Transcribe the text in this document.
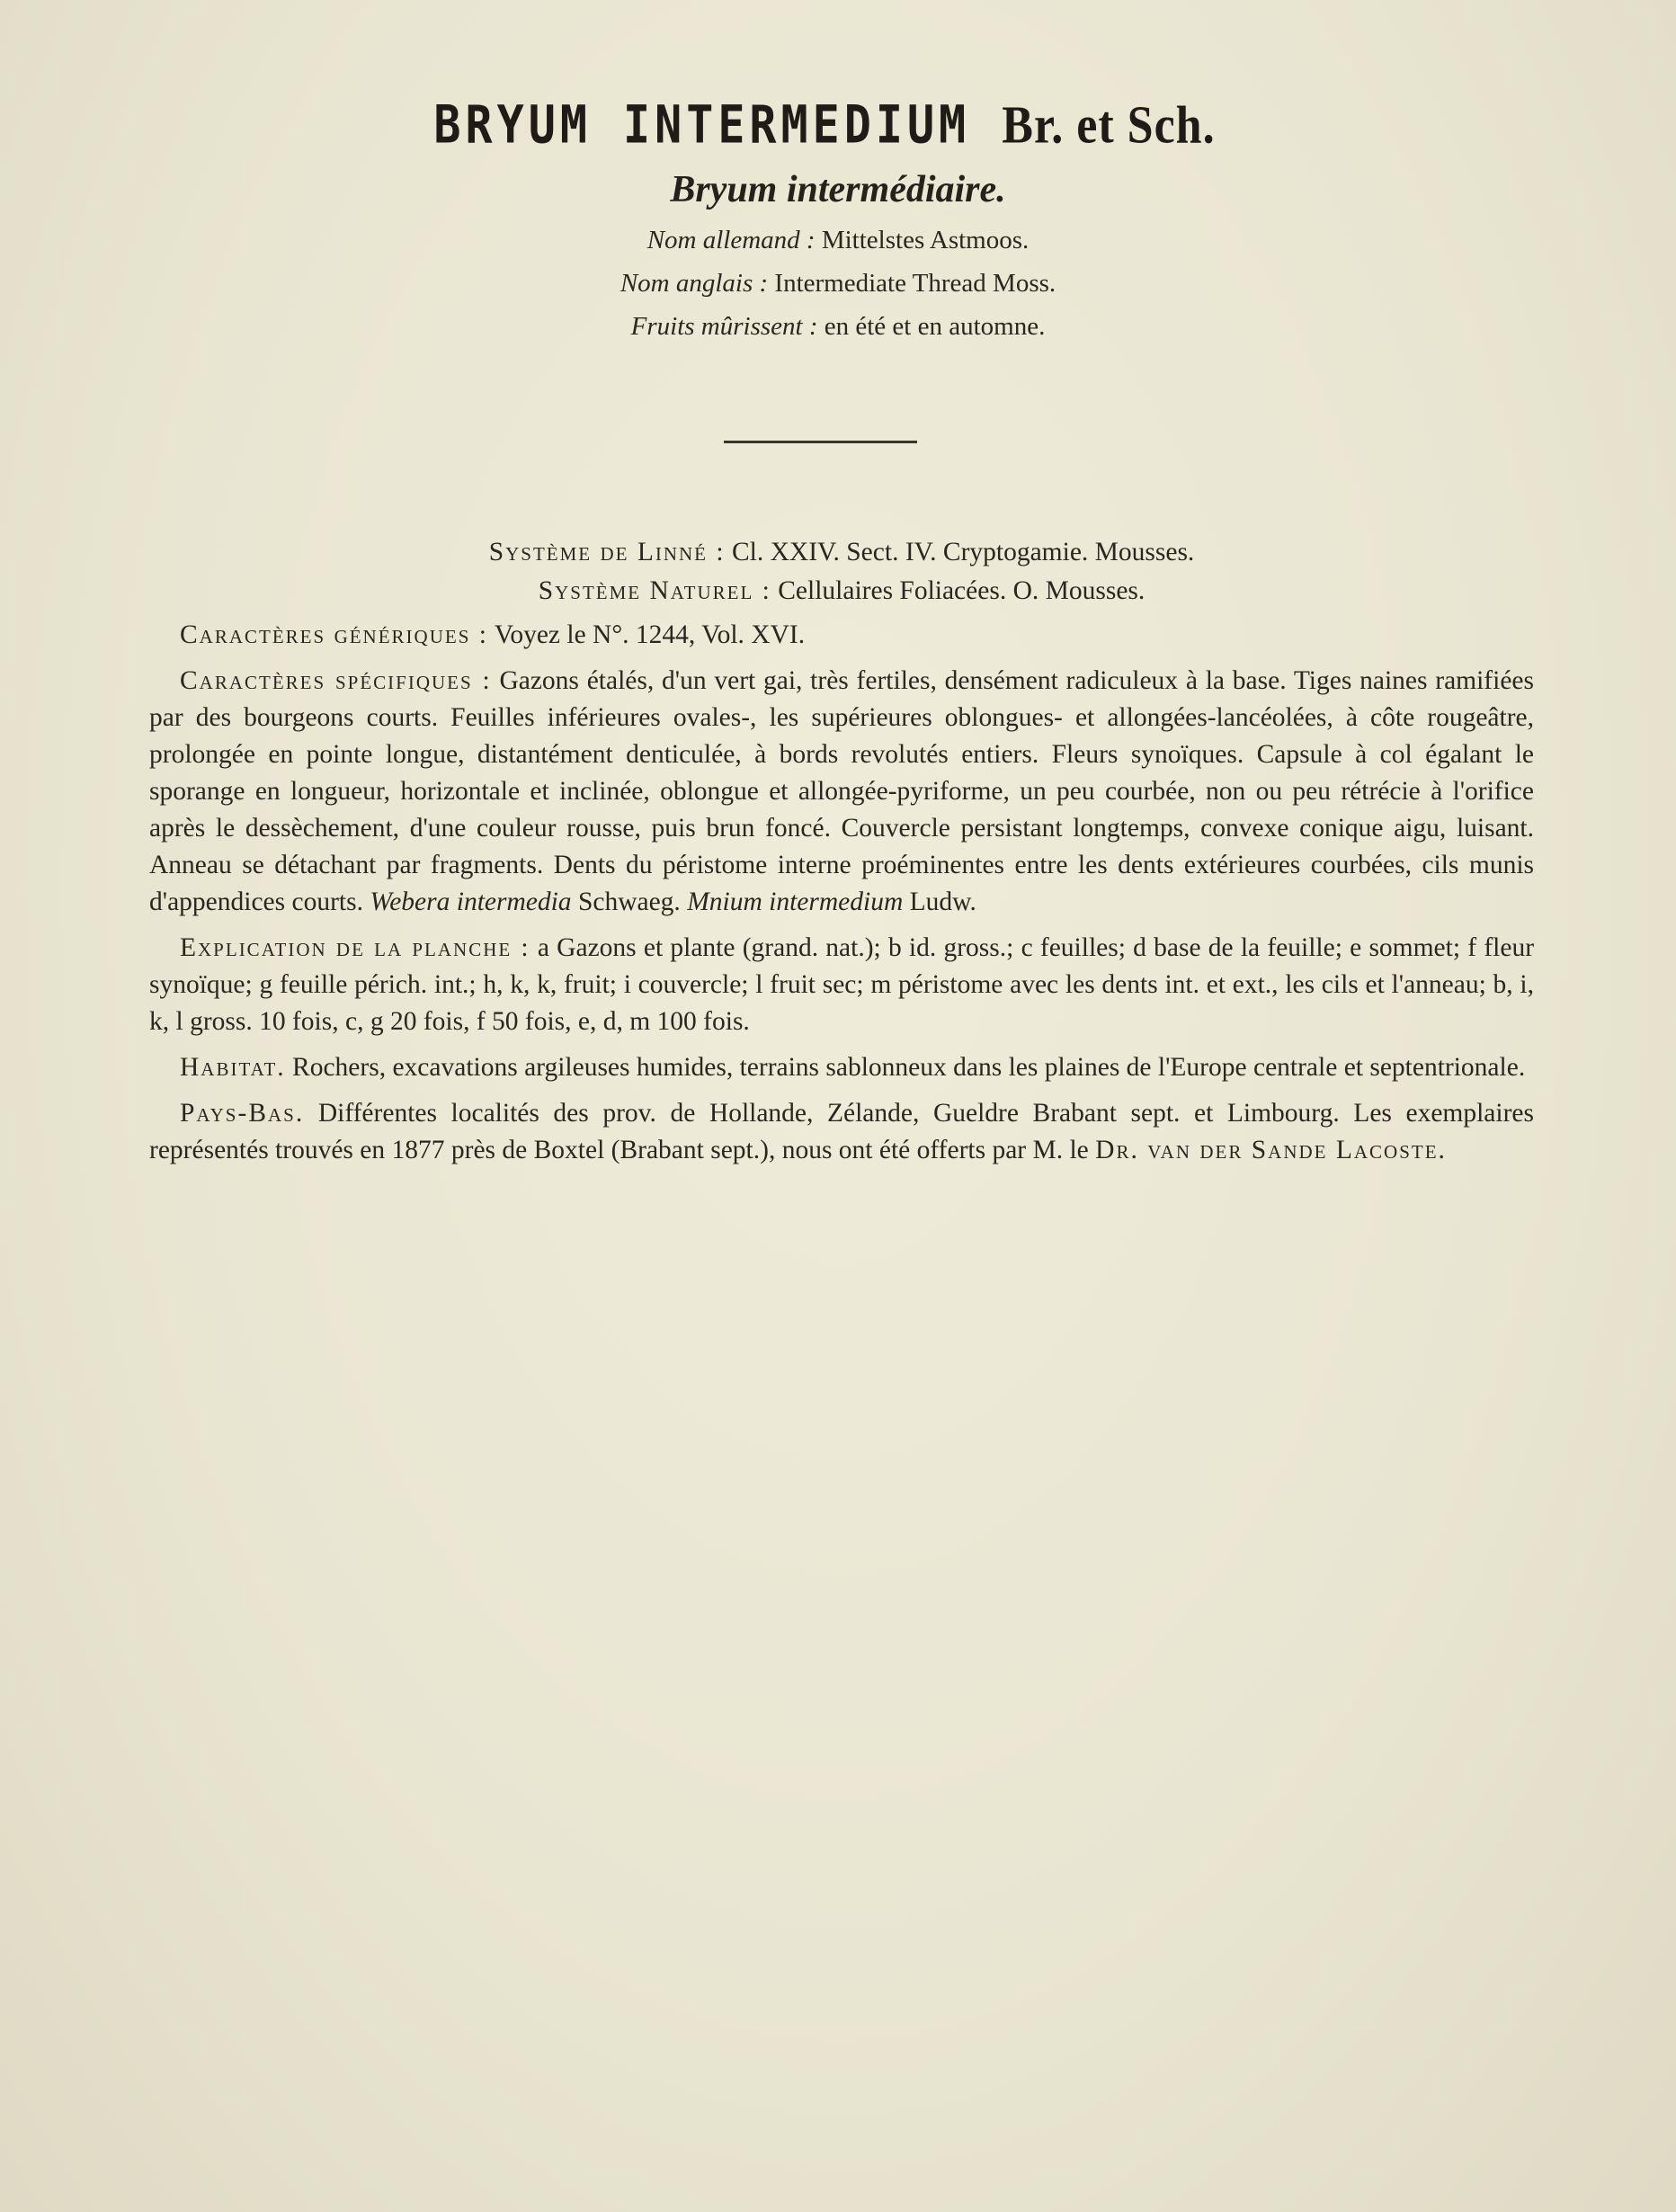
BRYUM INTERMEDIUM Br. et Sch.
Bryum intermédiaire.
Nom allemand : Mittelstes Astmoos.
Nom anglais : Intermediate Thread Moss.
Fruits mûrissent : en été et en automne.
Système de Linné : Cl. XXIV. Sect. IV. Cryptogamie. Mousses.
Système Naturel : Cellulaires Foliacées. O. Mousses.

Caractères génériques : Voyez le N°. 1244, Vol. XVI.

Caractères spécifiques : Gazons étalés, d'un vert gai, très fertiles, densément radiculeux à la base. Tiges naines ramifiées par des bourgeons courts. Feuilles inférieures ovales-, les supérieures oblongues- et allongées-lancéolées, à côte rougeâtre, prolongée en pointe longue, distantément denticulée, à bords revolutés entiers. Fleurs synoïques. Capsule à col égalant le sporange en longueur, horizontale et inclinée, oblongue et allongée-pyriforme, un peu courbée, non ou peu rétrécie à l'orifice après le dessèchement, d'une couleur rousse, puis brun foncé. Couvercle persistant longtemps, convexe conique aigu, luisant. Anneau se détachant par fragments. Dents du péristome interne proéminentes entre les dents extérieures courbées, cils munis d'appendices courts. Webera intermedia Schwaeg. Mnium intermedium Ludw.

Explication de la planche : a Gazons et plante (grand. nat.); b id. gross.; c feuilles; d base de la feuille; e sommet; f fleur synoïque; g feuille périch. int.; h, k, k, fruit; i couvercle; l fruit sec; m péristome avec les dents int. et ext., les cils et l'anneau; b, i, k, l gross. 10 fois, c, g 20 fois, f 50 fois, e, d, m 100 fois.

Habitat. Rochers, excavations argileuses humides, terrains sablonneux dans les plaines de l'Europe centrale et septentrionale.

Pays-Bas. Différentes localités des prov. de Hollande, Zélande, Gueldre Brabant sept. et Limbourg. Les exemplaires représentés trouvés en 1877 près de Boxtel (Brabant sept.), nous ont été offerts par M. le Dr. van der Sande Lacoste.
